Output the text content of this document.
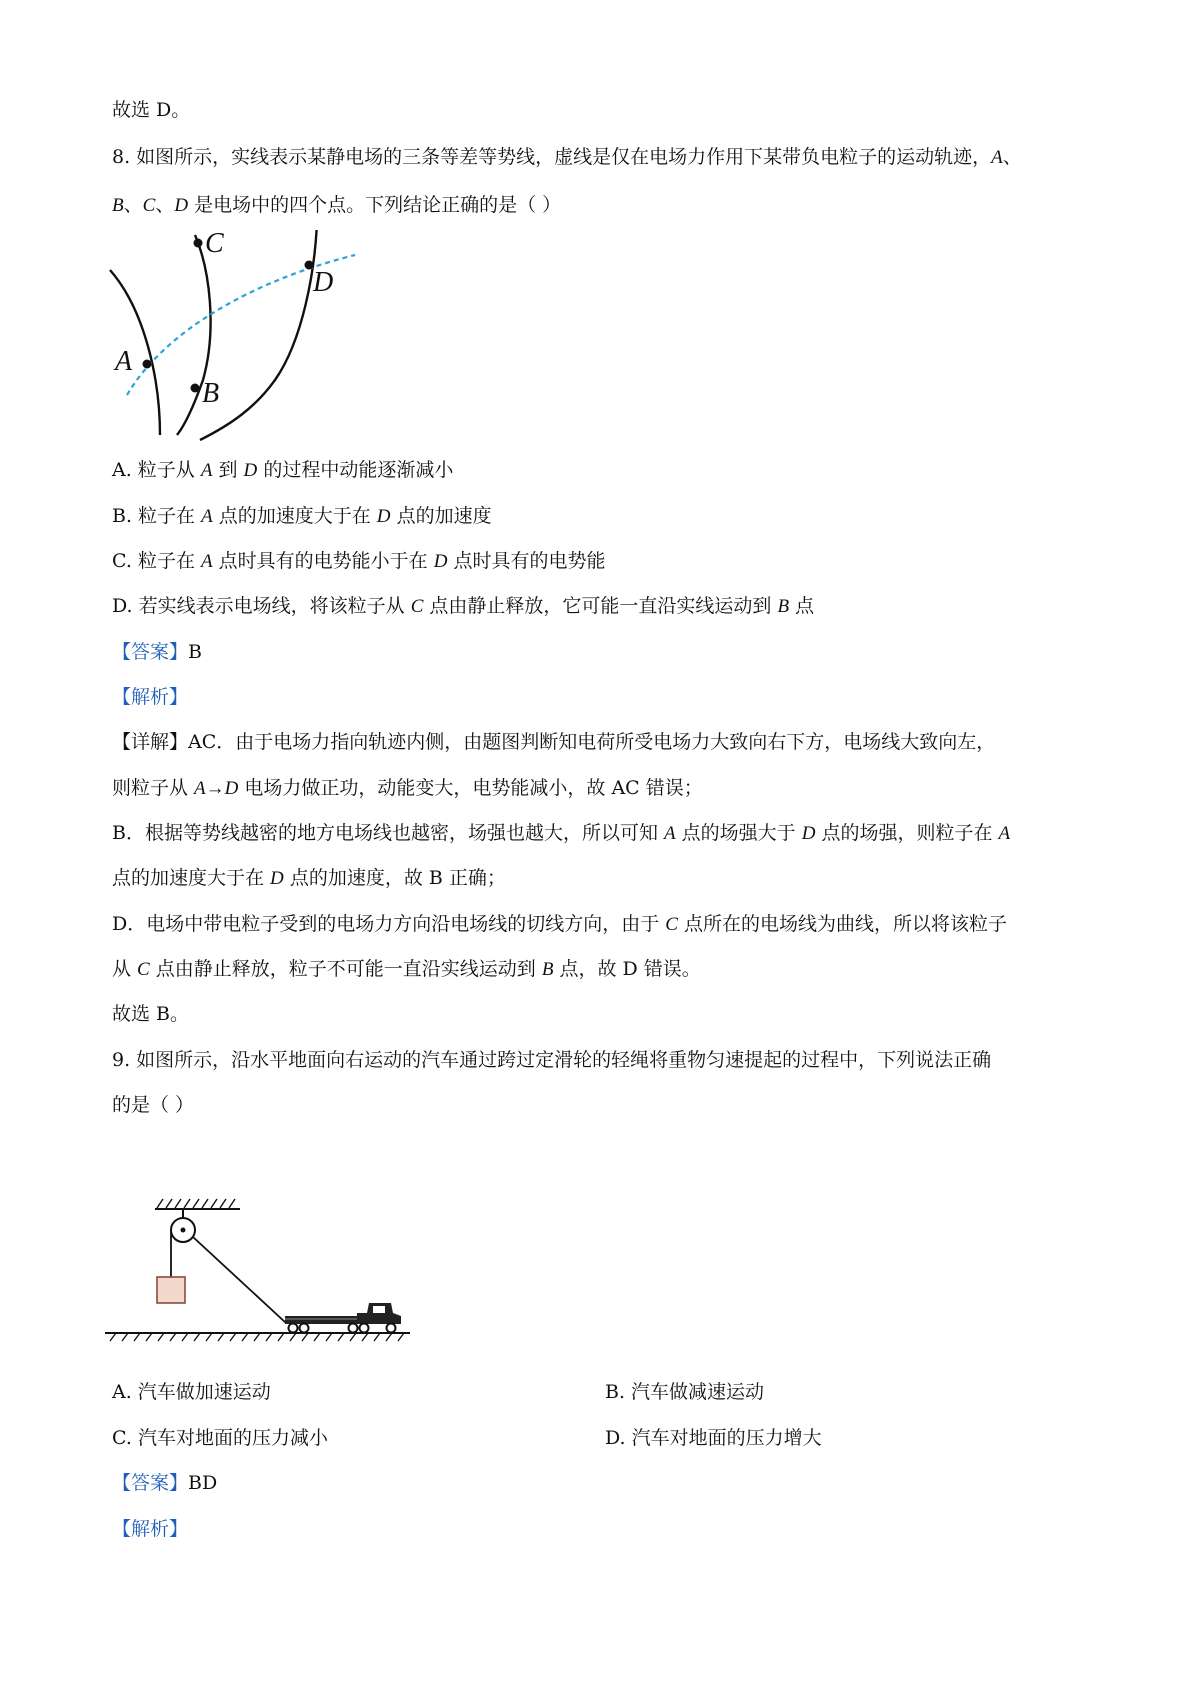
故选 D。
8. 如图所示，实线表示某静电场的三条等差等势线，虚线是仅在电场力作用下某带负电粒子的运动轨迹，A、
B、C、D 是电场中的四个点。下列结论正确的是（ ）
A
B
C
D
A. 粒子从 A 到 D 的过程中动能逐渐减小
B. 粒子在 A 点的加速度大于在 D 点的加速度
C. 粒子在 A 点时具有的电势能小于在 D 点时具有的电势能
D. 若实线表示电场线，将该粒子从 C 点由静止释放，它可能一直沿实线运动到 B 点
【答案】B
【解析】
【详解】AC．由于电场力指向轨迹内侧，由题图判断知电荷所受电场力大致向右下方，电场线大致向左，
则粒子从 A→D 电场力做正功，动能变大，电势能减小，故 AC 错误；
B．根据等势线越密的地方电场线也越密，场强也越大，所以可知 A 点的场强大于 D 点的场强，则粒子在 A
点的加速度大于在 D 点的加速度，故 B 正确；
D．电场中带电粒子受到的电场力方向沿电场线的切线方向，由于 C 点所在的电场线为曲线，所以将该粒子
从 C 点由静止释放，粒子不可能一直沿实线运动到 B 点，故 D 错误。
故选 B。
9. 如图所示，沿水平地面向右运动的汽车通过跨过定滑轮的轻绳将重物匀速提起的过程中，下列说法正确
的是（ ）
A. 汽车做加速运动	B. 汽车做减速运动
C. 汽车对地面的压力减小	D. 汽车对地面的压力增大
【答案】BD
【解析】
